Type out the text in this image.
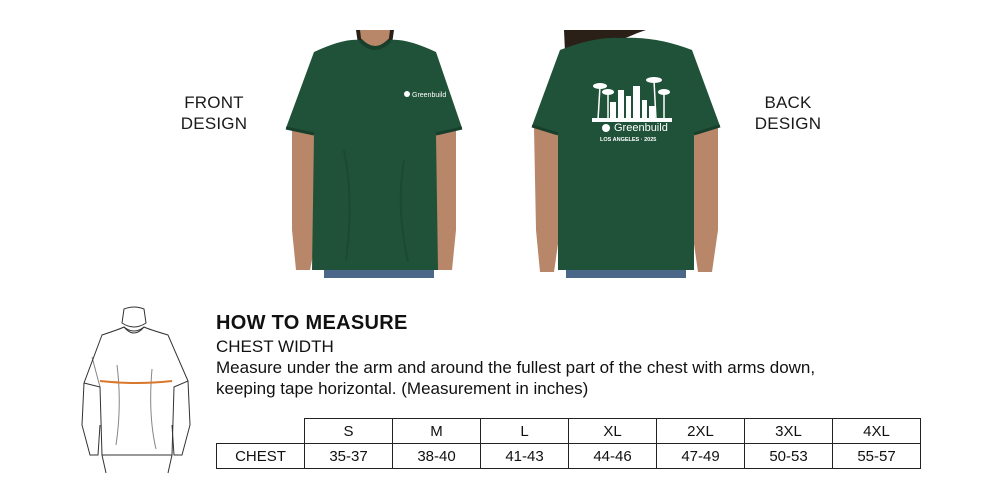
FRONT
DESIGN
Greenbuild
Greenbuild
LOS ANGELES · 2025
BACK
DESIGN
HOW TO MEASURE
CHEST WIDTH
Measure under the arm and around the fullest part of the chest with arms down,
keeping tape horizontal. (Measurement in inches)
	S	M	L	XL	2XL	3XL	4XL
CHEST	35-37	38-40	41-43	44-46	47-49	50-53	55-57
